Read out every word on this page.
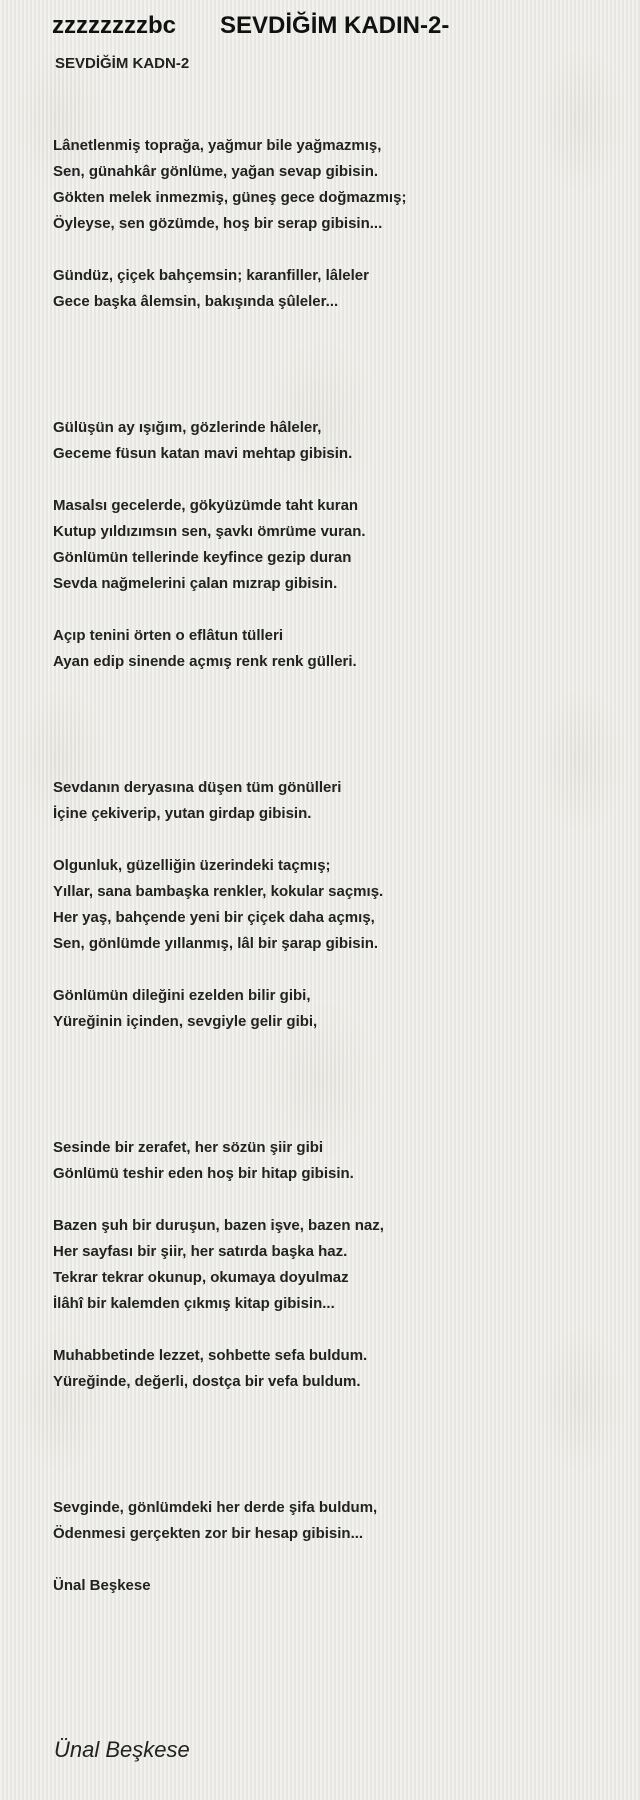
zzzzzzzzbc SEVDİĞİM KADIN-2-
SEVDİĞİM KADN-2
Lânetlenmiş toprağa, yağmur bile yağmazmış,
Sen, günahkâr gönlüme, yağan sevap gibisin.
Gökten melek inmezmiş, güneş gece doğmazmış;
Öyleyse, sen gözümde, hoş bir serap gibisin...
Gündüz, çiçek bahçemsin; karanfiller, lâleler
Gece başka âlemsin, bakışında şûleler...
Gülüşün ay ışığım, gözlerinde hâleler,
Geceme füsun katan mavi mehtap gibisin.
Masalsı gecelerde, gökyüzümde taht kuran
Kutup yıldızımsın sen, şavkı ömrüme vuran.
Gönlümün tellerinde keyfince gezip duran
Sevda nağmelerini çalan mızrap gibisin.
Açıp tenini örten o eflâtun tülleri
Ayan edip sinende açmış renk renk gülleri.
Sevdanın deryasına düşen tüm gönülleri
İçine çekiverip, yutan girdap gibisin.
Olgunluk, güzelliğin üzerindeki taçmış;
Yıllar, sana bambaşka renkler, kokular saçmış.
Her yaş, bahçende yeni bir çiçek daha açmış,
Sen, gönlümde yıllanmış, lâl bir şarap gibisin.
Gönlümün dileğini ezelden bilir gibi,
Yüreğinin içinden, sevgiyle gelir gibi,
Sesinde bir zerafet, her sözün şiir gibi
Gönlümü teshir eden hoş bir hitap gibisin.
Bazen şuh bir duruşun, bazen işve, bazen naz,
Her sayfası bir şiir, her satırda başka haz.
Tekrar tekrar okunup, okumaya doyulmaz
İlâhî bir kalemden çıkmış kitap gibisin...
Muhabbetinde lezzet, sohbette sefa buldum.
Yüreğinde, değerli, dostça bir vefa buldum.
Sevginde, gönlümdeki her derde şifa buldum,
Ödenmesi gerçekten zor bir hesap gibisin...
Ünal Beşkese
Ünal Beşkese
